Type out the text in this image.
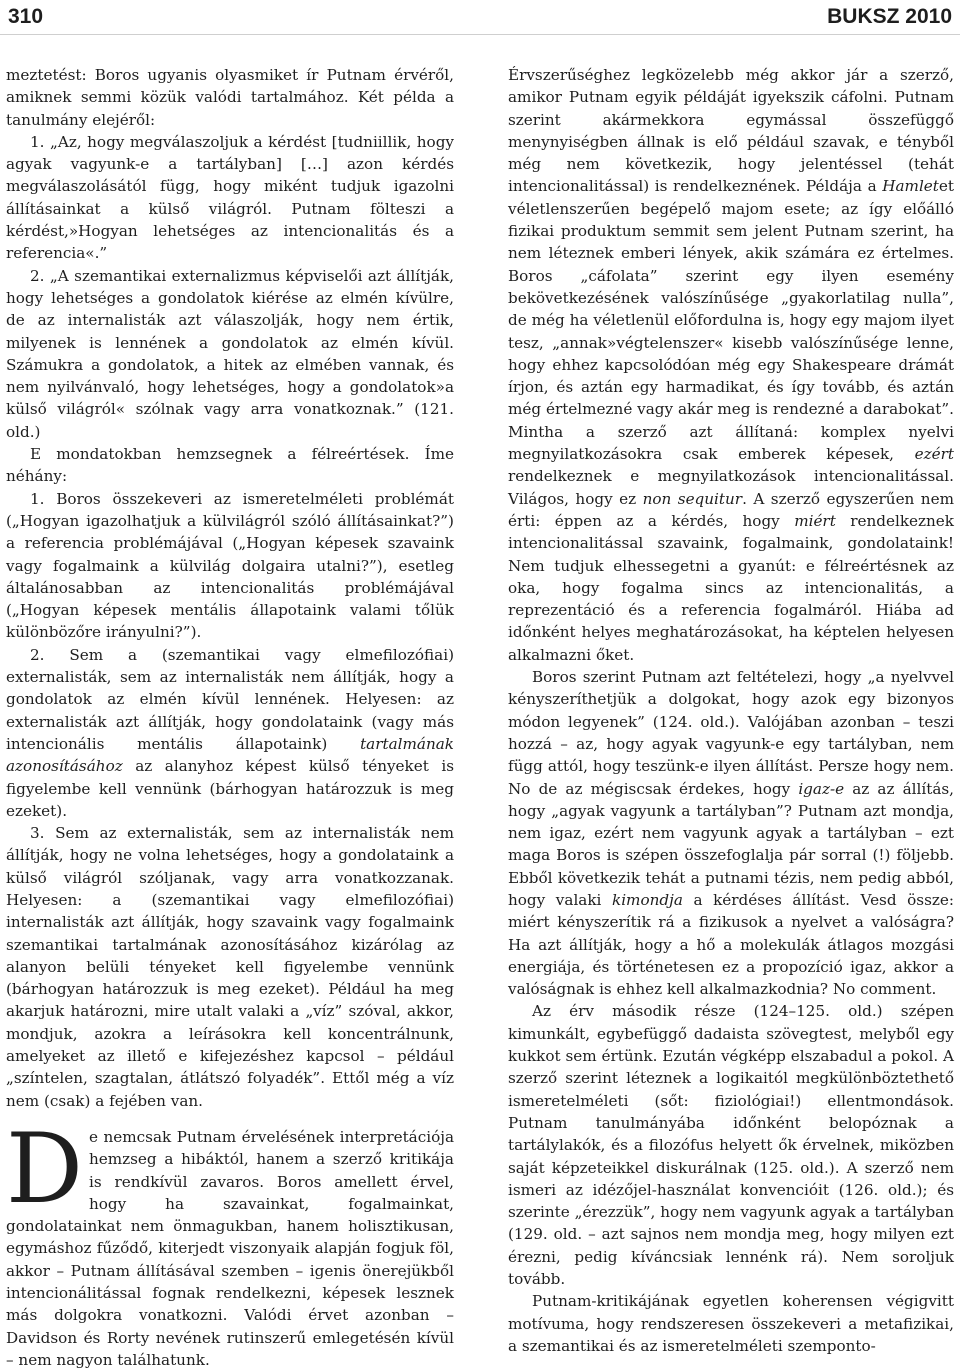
310	BUKSZ 2010

meztetést: Boros ugyanis olyasmiket ír Putnam érvéről, amiknek semmi közük valódi tartalmához. Két példa a tanulmány elejéről:

1. „Az, hogy megválaszoljuk a kérdést [tudniillik, hogy agyak vagyunk-e a tartályban] […] azon kérdés megválaszolásától függ, hogy miként tudjuk igazolni állításainkat a külső világról. Putnam fölteszi a kérdést,»Hogyan lehetséges az intencionalitás és a referencia«.”

2. „A szemantikai externalizmus képviselői azt állítják, hogy lehetséges a gondolatok kiérése az elmén kívülre, de az internalisták azt válaszolják, hogy nem értik, milyenek is lennének a gondolatok az elmén kívül. Számukra a gondolatok, a hitek az elmében vannak, és nem nyilvánvaló, hogy lehetséges, hogy a gondolatok»a külső világról« szólnak vagy arra vonatkoznak.” (121. old.)

E mondatokban hemzsegnek a félreértések. Íme néhány:

1. Boros összekeveri az ismeretelméleti problémát („Hogyan igazolhatjuk a külvilágról szóló állításainkat?”) a referencia problémájával („Hogyan képesek szavaink vagy fogalmaink a külvilág dolgaira utalni?”), esetleg általánosabban az intencionalitás problémájával („Hogyan képesek mentális állapotaink valami tőlük különbözőre irányulni?”).

2. Sem a (szemantikai vagy elmefilozófiai) externalisták, sem az internalisták nem állítják, hogy a gondolatok az elmén kívül lennének. Helyesen: az externalisták azt állítják, hogy gondolataink (vagy más intencionális mentális állapotaink) tartalmának azonosításához az alanyhoz képest külső tényeket is figyelembe kell vennünk (bárhogyan határozzuk is meg ezeket).

3. Sem az externalisták, sem az internalisták nem állítják, hogy ne volna lehetséges, hogy a gondolataink a külső világról szóljanak, vagy arra vonatkozzanak. Helyesen: a (szemantikai vagy elmefilozófiai) internalisták azt állítják, hogy szavaink vagy fogalmaink szemantikai tartalmának azonosításához kizárólag az alanyon belüli tényeket kell figyelembe vennünk (bárhogyan határozzuk is meg ezeket). Például ha meg akarjuk határozni, mire utalt valaki a „víz” szóval, akkor, mondjuk, azokra a leírásokra kell koncentrálnunk, amelyeket az illető e kifejezéshez kapcsol – például „színtelen, szagtalan, átlátszó folyadék”. Ettől még a víz nem (csak) a fejében van.

De nemcsak Putnam érvelésének interpretációja hemzseg a hibáktól, hanem a szerző kritikája is rendkívül zavaros. Boros amellett érvel, hogy ha szavainkat, fogalmainkat, gondolatainkat nem önmagukban, hanem holisztikusan, egymáshoz fűződő, kiterjedt viszonyaik alapján fogjuk föl, akkor – Putnam állításával szemben – igenis önerejükből intencionálitással fognak rendelkezni, képesek lesznek más dolgokra vonatkozni. Valódi érvet azonban – Davidson és Rorty nevének rutinszerű emlegetésén kívül – nem nagyon találhatunk.

Érvszerűséghez legközelebb még akkor jár a szerző, amikor Putnam egyik példáját igyekszik cáfolni. Putnam szerint akármekkora egymással összefüggő menynyiségben állnak is elő például szavak, e tényből még nem következik, hogy jelentéssel (tehát intencionalitással) is rendelkeznének. Példája a Hamletet véletlenszerűen begépelő majom esete; az így előálló fizikai produktum semmit sem jelent Putnam szerint, ha nem léteznek emberi lények, akik számára ez értelmes. Boros „cáfolata” szerint egy ilyen esemény bekövetkezésének valószínűsége „gyakorlatilag nulla”, de még ha véletlenül előfordulna is, hogy egy majom ilyet tesz, „annak»végtelenszer« kisebb valószínűsége lenne, hogy ehhez kapcsolódóan még egy Shakespeare drámát írjon, és aztán egy harmadikat, és így tovább, és aztán még értelmezné vagy akár meg is rendezné a darabokat”. Mintha a szerző azt állítaná: komplex nyelvi megnyilatkozásokra csak emberek képesek, ezért rendelkeznek e megnyilatkozások intencionalitással. Világos, hogy ez non sequitur. A szerző egyszerűen nem érti: éppen az a kérdés, hogy miért rendelkeznek intencionalitással szavaink, fogalmaink, gondolataink! Nem tudjuk elhessegetni a gyanút: e félreértésnek az oka, hogy fogalma sincs az intencionalitás, a reprezentáció és a referencia fogalmáról. Hiába ad időnként helyes meghatározásokat, ha képtelen helyesen alkalmazni őket.

Boros szerint Putnam azt feltételezi, hogy „a nyelvvel kényszeríthetjük a dolgokat, hogy azok egy bizonyos módon legyenek” (124. old.). Valójában azonban – teszi hozzá – az, hogy agyak vagyunk-e egy tartályban, nem függ attól, hogy teszünk-e ilyen állítást. Persze hogy nem. No de az mégiscsak érdekes, hogy igaz-e az az állítás, hogy „agyak vagyunk a tartályban”? Putnam azt mondja, nem igaz, ezért nem vagyunk agyak a tartályban – ezt maga Boros is szépen összefoglalja pár sorral (!) följebb. Ebből következik tehát a putnami tézis, nem pedig abból, hogy valaki kimondja a kérdéses állítást. Vesd össze: miért kényszerítik rá a fizikusok a nyelvet a valóságra? Ha azt állítják, hogy a hő a molekulák átlagos mozgási energiája, és történetesen ez a propozíció igaz, akkor a valóságnak is ehhez kell alkalmazkodnia? No comment.

Az érv második része (124–125. old.) szépen kimunkált, egybefüggő dadaista szövegtest, melyből egy kukkot sem értünk. Ezután végképp elszabadul a pokol. A szerző szerint léteznek a logikaitól megkülönböztethető ismeretelméleti (sőt: fiziológiai!) ellentmondások. Putnam tanulmányába időnként belopóznak a tartálylakók, és a filozófus helyett ők érvelnek, miközben saját képzeteikkel diskurálnak (125. old.). A szerző nem ismeri az idézőjel-használat konvencióit (126. old.); és szerinte „érezzük”, hogy nem vagyunk agyak a tartályban (129. old. – azt sajnos nem mondja meg, hogy milyen ezt érezni, pedig kíváncsiak lennénk rá). Nem soroljuk tovább.

Putnam-kritikájának egyetlen koherensen végigvitt motívuma, hogy rendszeresen összekeveri a metafizikai, a szemantikai és az ismeretelméleti szemponto-
